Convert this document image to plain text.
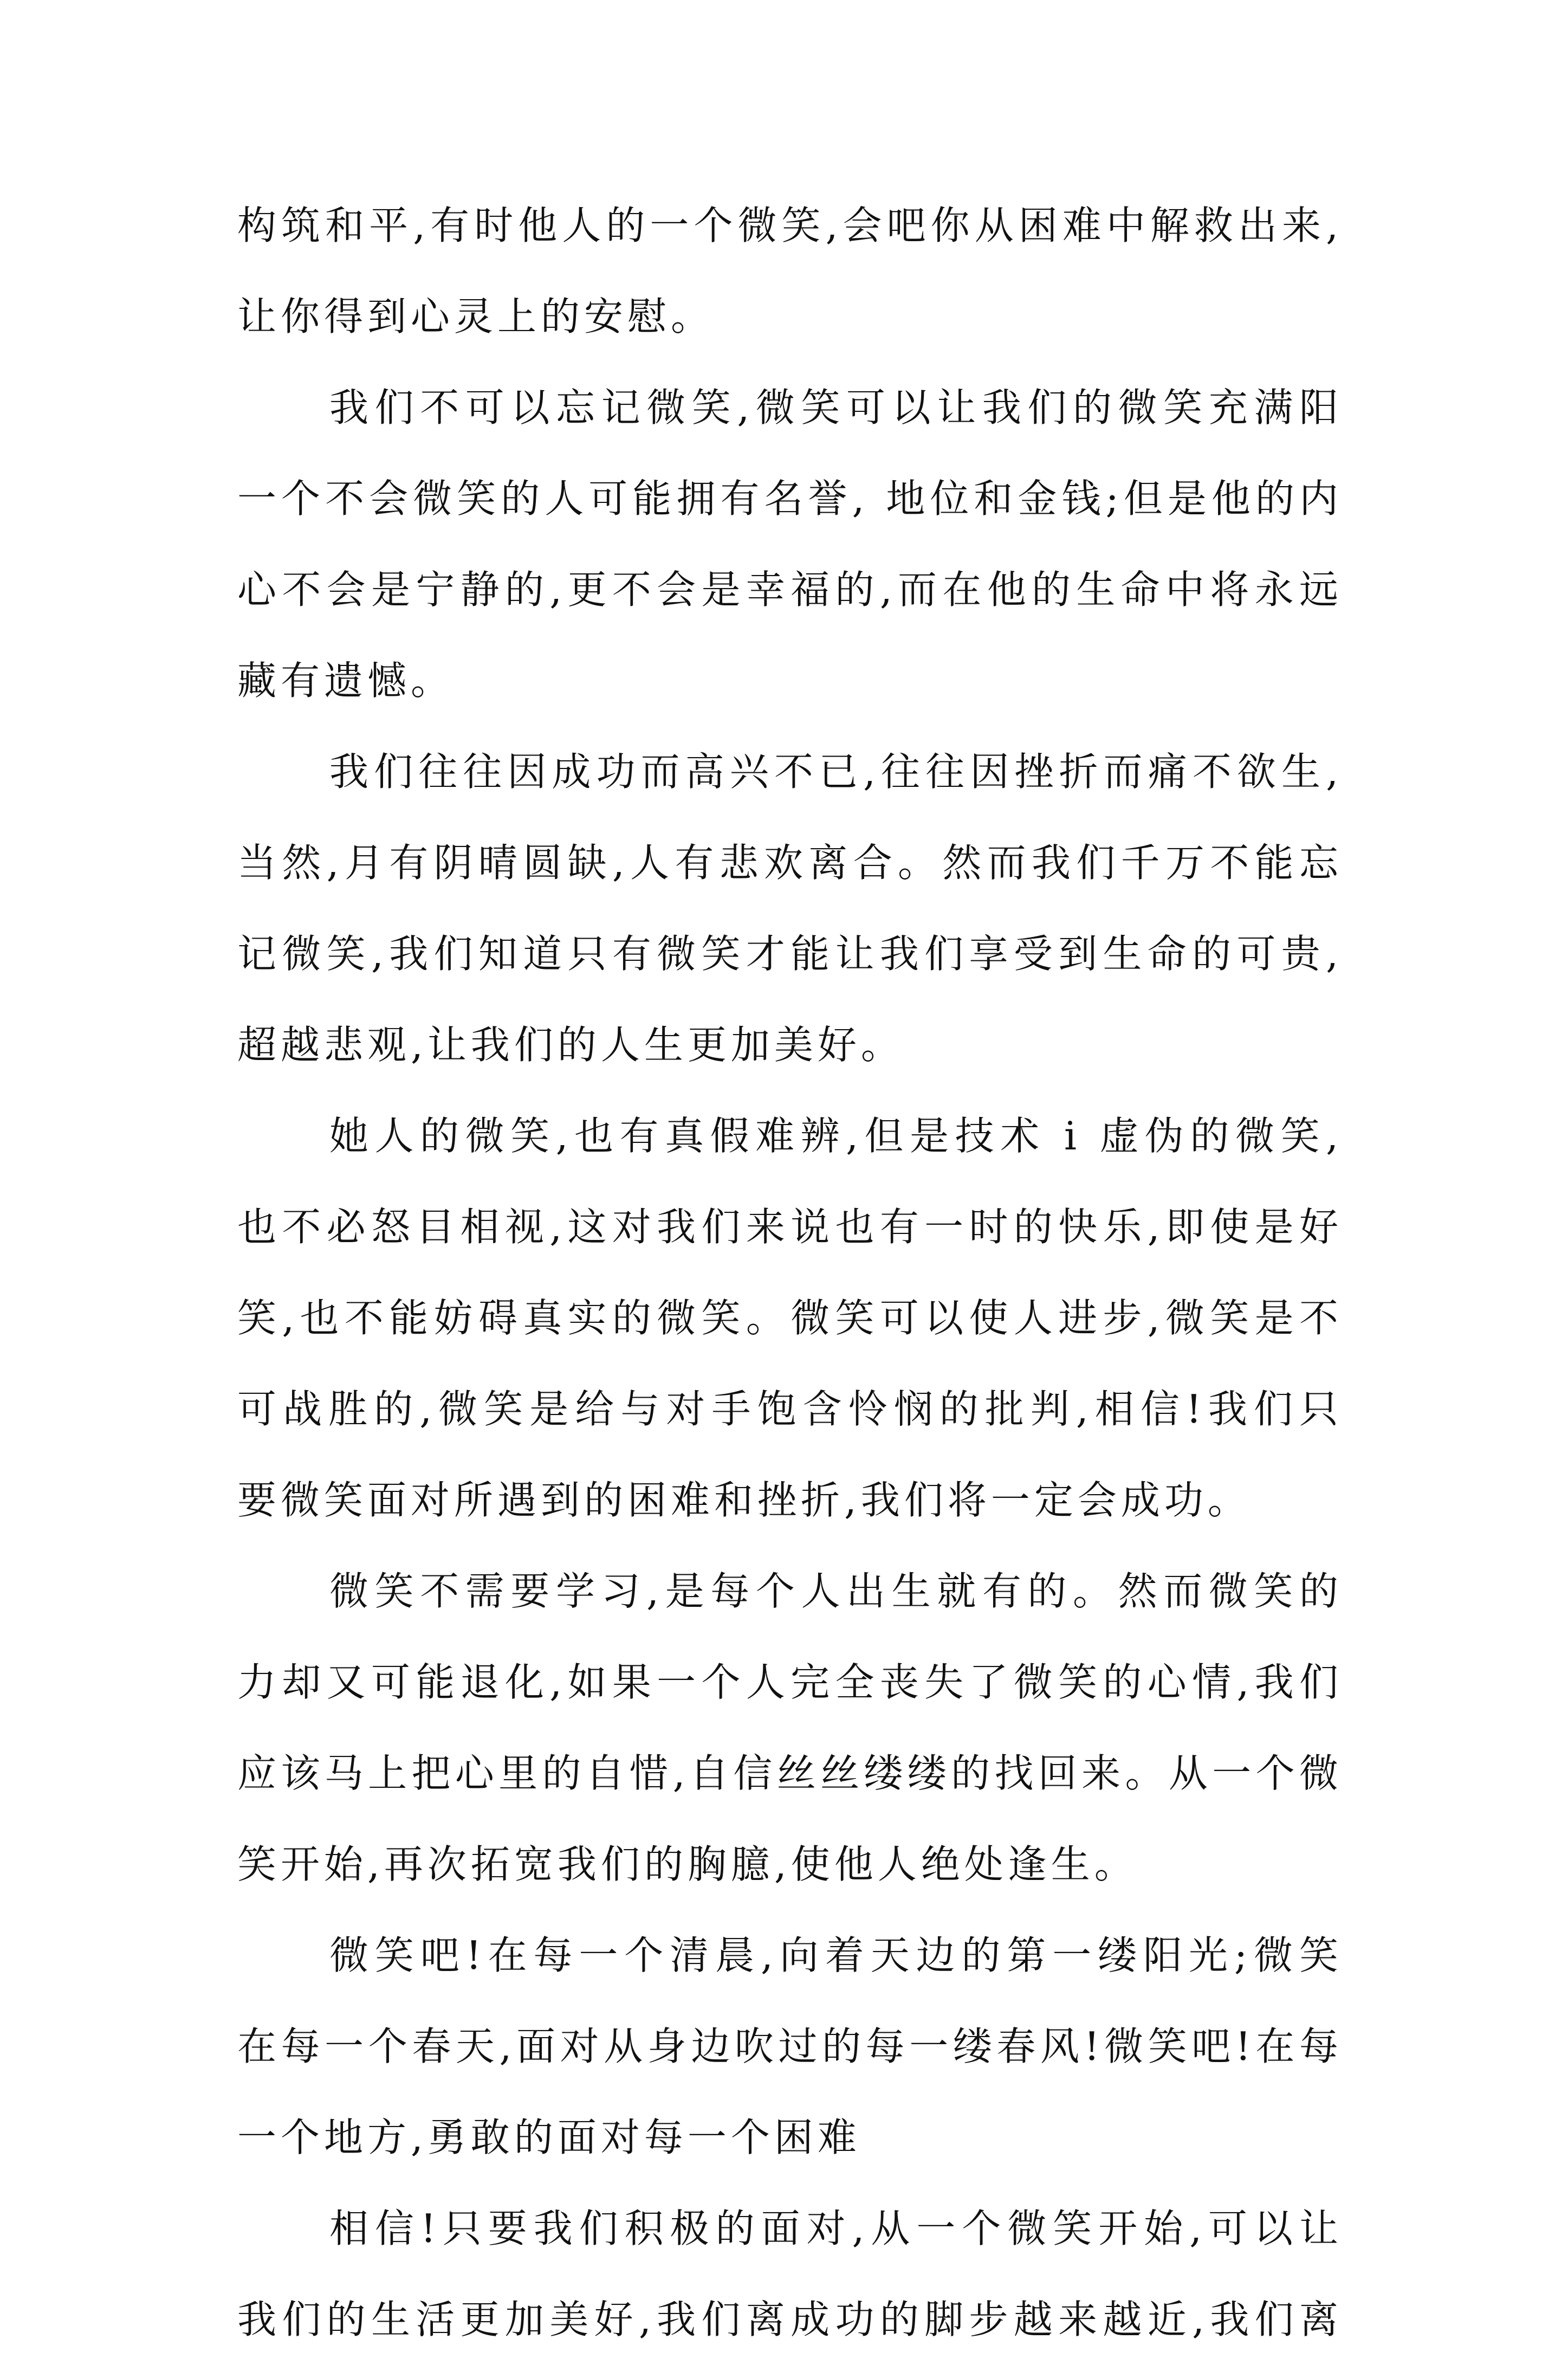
构筑和平,有时他人的一个微笑,会吧你从困难中解救出来,
让你得到心灵上的安慰。
我们不可以忘记微笑,微笑可以让我们的微笑充满阳
一个不会微笑的人可能拥有名誉, 地位和金钱;但是他的内
心不会是宁静的,更不会是幸福的,而在他的生命中将永远
藏有遗憾。
我们往往因成功而高兴不已,往往因挫折而痛不欲生,
当然,月有阴晴圆缺,人有悲欢离合。然而我们千万不能忘
记微笑,我们知道只有微笑才能让我们享受到生命的可贵,
超越悲观,让我们的人生更加美好。
她人的微笑,也有真假难辨,但是技术 i 虚伪的微笑,
也不必怒目相视,这对我们来说也有一时的快乐,即使是好
笑,也不能妨碍真实的微笑。微笑可以使人进步,微笑是不
可战胜的,微笑是给与对手饱含怜悯的批判,相信!我们只
要微笑面对所遇到的困难和挫折,我们将一定会成功。
微笑不需要学习,是每个人出生就有的。然而微笑的
力却又可能退化,如果一个人完全丧失了微笑的心情,我们
应该马上把心里的自惜,自信丝丝缕缕的找回来。从一个微
笑开始,再次拓宽我们的胸臆,使他人绝处逢生。
微笑吧!在每一个清晨,向着天边的第一缕阳光;微笑
在每一个春天,面对从身边吹过的每一缕春风!微笑吧!在每
一个地方,勇敢的面对每一个困难
相信!只要我们积极的面对,从一个微笑开始,可以让
我们的生活更加美好,我们离成功的脚步越来越近,我们离
